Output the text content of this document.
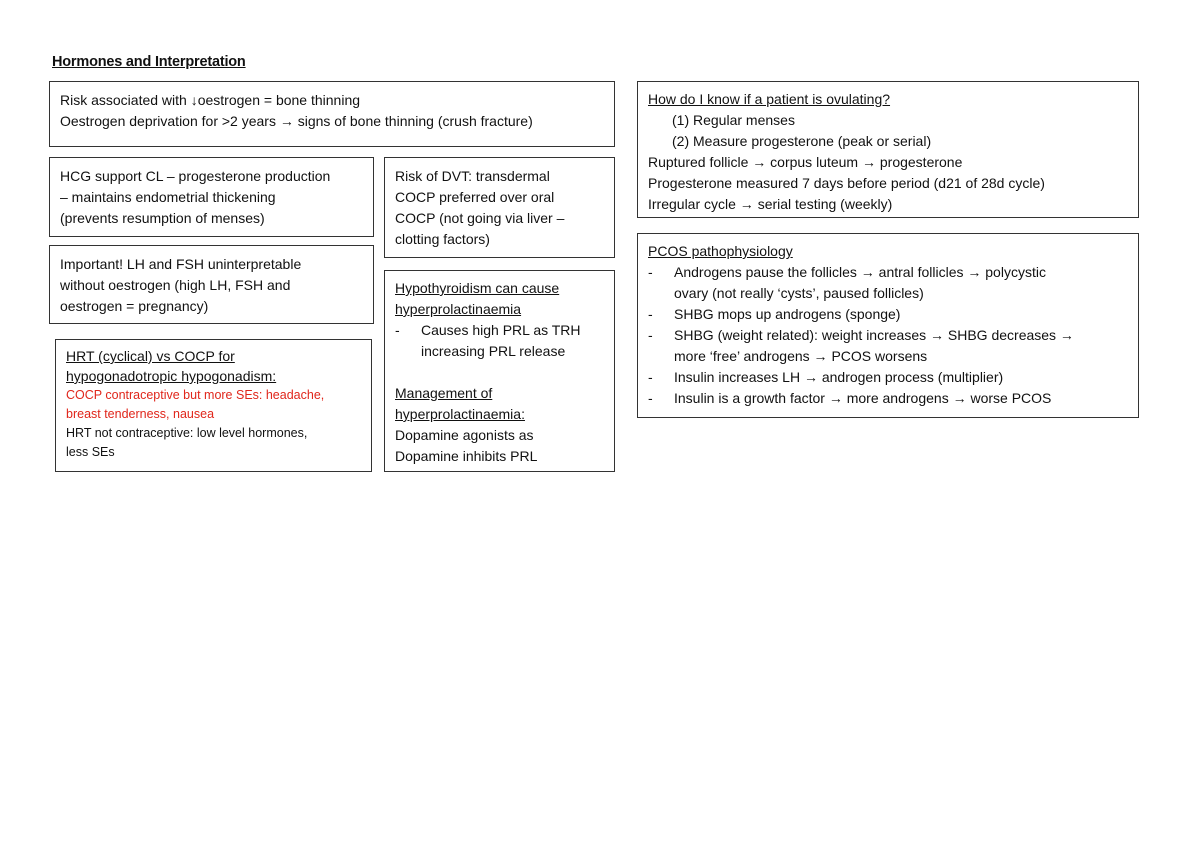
Hormones and Interpretation
Risk associated with ↓oestrogen = bone thinning
Oestrogen deprivation for >2 years → signs of bone thinning (crush fracture)
HCG support CL – progesterone production
– maintains endometrial thickening
(prevents resumption of menses)
Risk of DVT: transdermal
COCP preferred over oral
COCP (not going via liver –
clotting factors)
Important! LH and FSH uninterpretable
without oestrogen (high LH, FSH and
oestrogen = pregnancy)
HRT (cyclical) vs COCP for
hypogonadotropic hypogonadism:
COCP contraceptive but more SEs: headache,
breast tenderness, nausea
HRT not contraceptive: low level hormones,
less SEs
Hypothyroidism can cause
hyperprolactinaemia
-	Causes high PRL as TRH
increasing PRL release
Management of
hyperprolactinaemia:
Dopamine agonists as
Dopamine inhibits PRL
How do I know if a patient is ovulating?
(1) Regular menses
(2) Measure progesterone (peak or serial)
Ruptured follicle → corpus luteum → progesterone
Progesterone measured 7 days before period (d21 of 28d cycle)
Irregular cycle → serial testing (weekly)
PCOS pathophysiology
-	Androgens pause the follicles → antral follicles → polycystic
ovary (not really ‘cysts’, paused follicles)
-	SHBG mops up androgens (sponge)
-	SHBG (weight related): weight increases → SHBG decreases →
more ‘free’ androgens → PCOS worsens
-	Insulin increases LH → androgen process (multiplier)
-	Insulin is a growth factor → more androgens → worse PCOS
